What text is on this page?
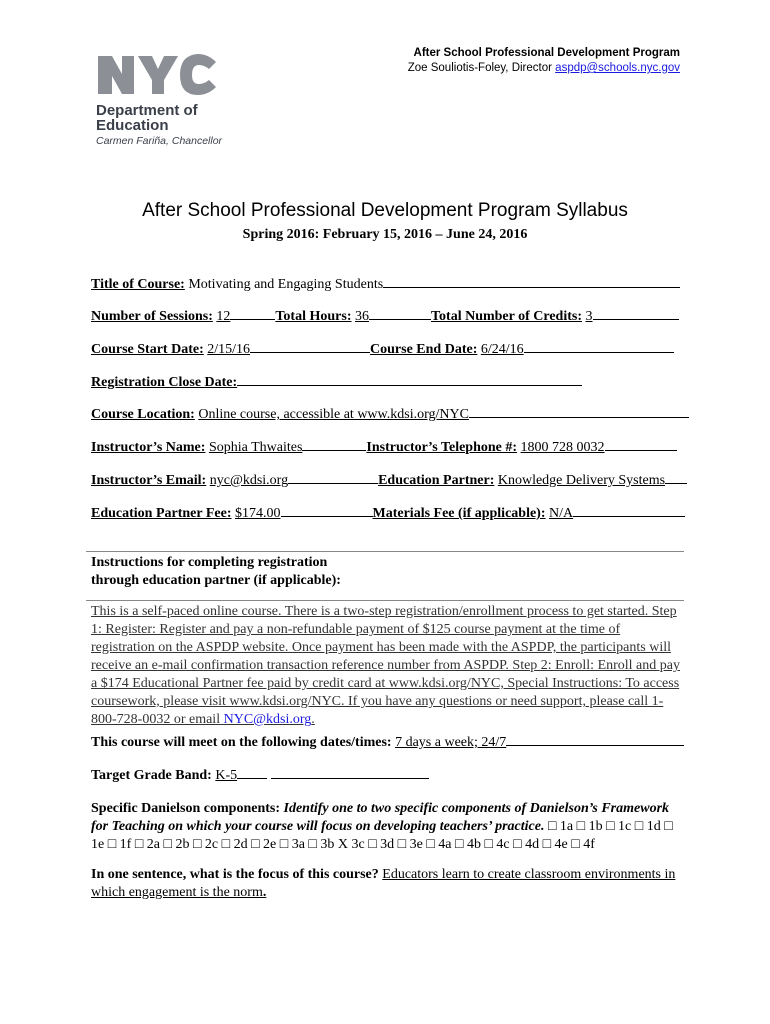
After School Professional Development Program
Zoe Souliotis-Foley, Director aspdp@schools.nyc.gov
Department of
Education
Carmen Fariña, Chancellor
After School Professional Development Program Syllabus
Spring 2016: February 15, 2016 – June 24, 2016
Title of Course: Motivating and Engaging Students
Number of Sessions: 12	Total Hours: 36	Total Number of Credits: 3
Course Start Date: 2/15/16	Course End Date: 6/24/16
Registration Close Date:
Course Location: Online course, accessible at www.kdsi.org/NYC
Instructor’s Name: Sophia Thwaites	Instructor’s Telephone #: 1800 728 0032
Instructor’s Email: nyc@kdsi.org	Education Partner: Knowledge Delivery Systems
Education Partner Fee: $174.00	Materials Fee (if applicable): N/A
Instructions for completing registration
through education partner (if applicable):
This is a self-paced online course. There is a two-step registration/enrollment process to get started. Step 1: Register: Register and pay a non-refundable payment of $125 course payment at the time of registration on the ASPDP website. Once payment has been made with the ASPDP, the participants will receive an e-mail confirmation transaction reference number from ASPDP. Step 2: Enroll: Enroll and pay a $174 Educational Partner fee paid by credit card at www.kdsi.org/NYC, Special Instructions: To access coursework, please visit www.kdsi.org/NYC. If you have any questions or need support, please call 1-800-728-0032 or email NYC@kdsi.org.
This course will meet on the following dates/times: 7 days a week; 24/7
Target Grade Band: K-5
Specific Danielson components: Identify one to two specific components of Danielson’s Framework for Teaching on which your course will focus on developing teachers’ practice. □ 1a □ 1b □ 1c □ 1d □ 1e □ 1f □ 2a □ 2b □ 2c □ 2d □ 2e □ 3a □ 3b X 3c □ 3d □ 3e □ 4a □ 4b □ 4c □ 4d □ 4e □ 4f
In one sentence, what is the focus of this course? Educators learn to create classroom environments in which engagement is the norm.
